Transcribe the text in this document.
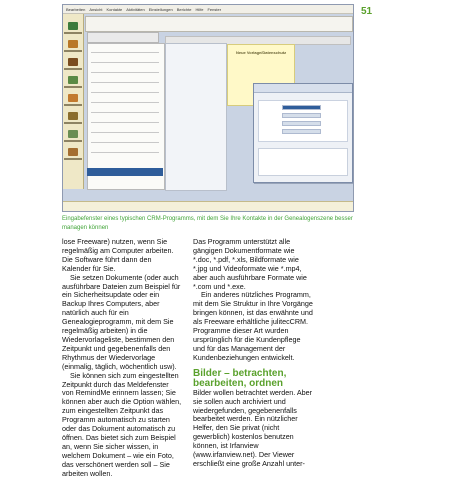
51
Bearbeiten Ansicht Kontakte Aktivitäten Einstellungen Berichte Hilfe Fenster
Neue Vorlage/Datenschutz
Eingabefenster eines typischen CRM-Programms, mit dem Sie Ihre Kontakte in der Genealogenszene besser managen können

lose Freeware) nutzen, wenn Sie regelmäßig am Computer arbeiten. Die Software führt dann den Kalender für Sie.

Sie setzen Dokumente (oder auch ausführbare Dateien zum Beispiel für ein Sicherheitsupdate oder ein Backup Ihres Computers, aber natürlich auch für ein Genealogieprogramm, mit dem Sie regelmäßig arbeiten) in die Wiedervorlageliste, bestimmen den Zeitpunkt und gegebenenfalls den Rhythmus der Wiedervorlage (einmalig, täglich, wöchentlich usw).

Sie können sich zum eingestellten Zeitpunkt durch das Meldefenster von RemindMe erinnern lassen; Sie können aber auch die Option wählen, zum eingestellten Zeitpunkt das Programm automatisch zu starten oder das Dokument automatisch zu öffnen. Das bietet sich zum Beispiel an, wenn Sie sicher wissen, in welchem Dokument – wie ein Foto, das verschönert werden soll – Sie arbeiten wollen.

Das Programm unterstützt alle gängigen Dokumentformate wie *.doc, *.pdf, *.xls, Bildformate wie *.jpg und Videoformate wie *.mp4, aber auch ausführbare Formate wie *.com und *.exe.

Ein anderes nützliches Programm, mit dem Sie Struktur in Ihre Vorgänge bringen können, ist das erwähnte und als Freeware erhältliche julitecCRM. Programme dieser Art wurden ursprünglich für die Kundenpflege und für das Management der Kundenbeziehungen entwickelt.

Bilder – betrachten, bearbeiten, ordnen

Bilder wollen betrachtet werden. Aber sie sollen auch archiviert und wiedergefunden, gegebenenfalls bearbeitet werden. Ein nützlicher Helfer, den Sie privat (nicht gewerblich) kostenlos benutzen können, ist Irfanview (www.irfanview.net). Der Viewer erschließt eine große Anzahl unter-
